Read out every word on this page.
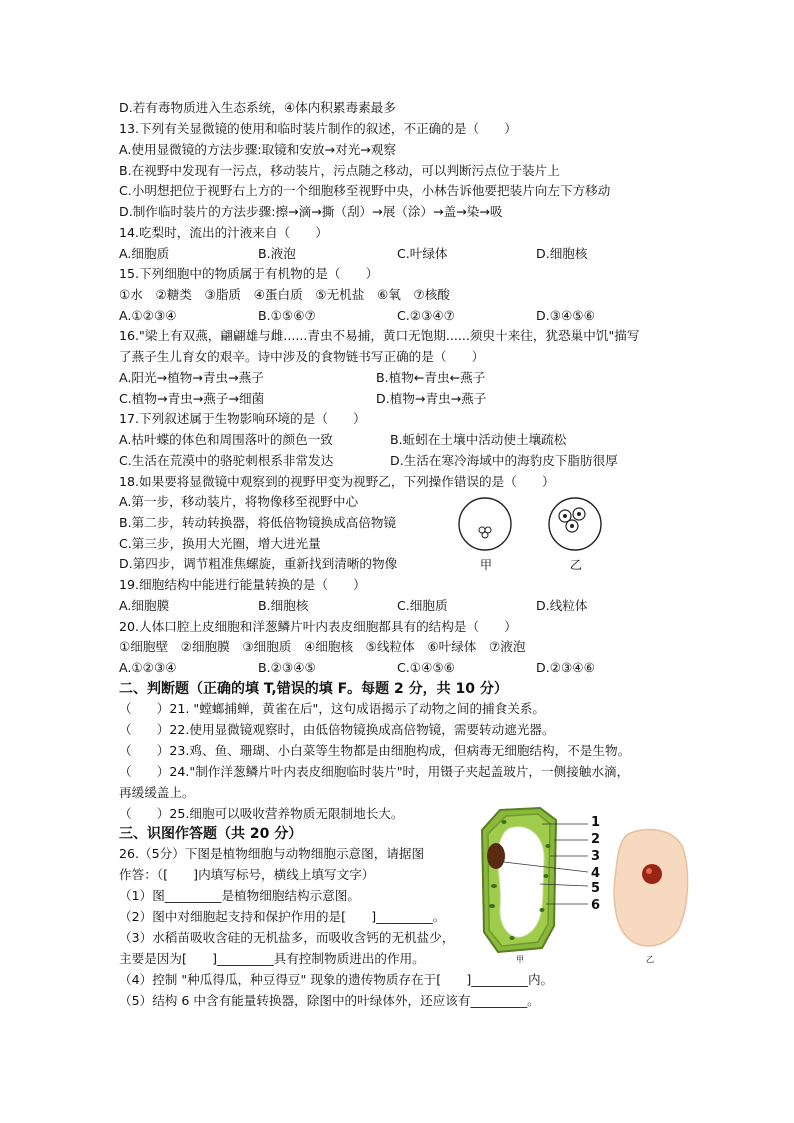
D.若有毒物质进入生态系统，④体内积累毒素最多
13.下列有关显微镜的使用和临时装片制作的叙述，不正确的是（　　）
A.使用显微镜的方法步骤:取镜和安放→对光→观察
B.在视野中发现有一污点，移动装片，污点随之移动，可以判断污点位于装片上
C.小明想把位于视野右上方的一个细胞移至视野中央，小林告诉他要把装片向左下方移动
D.制作临时装片的方法步骤:擦→滴→撕（刮）→展（涂）→盖→染→吸
14.吃梨时，流出的汁液来自（　　）
15.下列细胞中的物质属于有机物的是（　　）
①水　②糖类　③脂质　④蛋白质　⑤无机盐　⑥氧　⑦核酸
16."梁上有双燕，翩翩雄与雌......青虫不易捕，黄口无饱期......须臾十来往，犹恐巢中饥"描写
了燕子生儿育女的艰辛。诗中涉及的食物链书写正确的是（　　）
17.下列叙述属于生物影响环境的是（　　）
18.如果要将显微镜中观察到的视野甲变为视野乙，下列操作错误的是（　　）
A.第一步，移动装片，将物像移至视野中心
B.第二步，转动转换器，将低倍物镜换成高倍物镜
C.第三步，换用大光圈，增大进光量
D.第四步，调节粗准焦螺旋，重新找到清晰的物像
19.细胞结构中能进行能量转换的是（　　）
20.人体口腔上皮细胞和洋葱鳞片叶内表皮细胞都具有的结构是（　　）
①细胞壁　②细胞膜　③细胞质　④细胞核　⑤线粒体　⑥叶绿体　⑦液泡
（　　）21. "螳螂捕蝉，黄雀在后"，这句成语揭示了动物之间的捕食关系。
（　　）22.使用显微镜观察时，由低倍物镜换成高倍物镜，需要转动遮光器。
（　　）23.鸡、鱼、珊瑚、小白菜等生物都是由细胞构成，但病毒无细胞结构，不是生物。
（　　）24."制作洋葱鳞片叶内表皮细胞临时装片"时，用镊子夹起盖玻片，一侧接触水滴，
再缓缓盖上。
（　　）25.细胞可以吸收营养物质无限制地长大。
26.（5分）下图是植物细胞与动物细胞示意图，请据图
作答：（[　　]内填写标号，横线上填写文字）
（1）图_________是植物细胞结构示意图。
（2）图中对细胞起支持和保护作用的是[　　]_________。
（3）水稻苗吸收含硅的无机盐多，而吸收含钙的无机盐少，
主要是因为[　　]_________具有控制物质进出的作用。
（4）控制 "种瓜得瓜，种豆得豆" 现象的遗传物质存在于[　　]_________内。
（5）结构 6 中含有能量转换器，除图中的叶绿体外，还应该有_________。
二、判断题（正确的填 T,错误的填 F。每题 2 分，共 10 分）
三、识图作答题（共 20 分）
A.细胞质	B.液泡	C.叶绿体	D.细胞核
A.①②③④	B.①⑤⑥⑦	C.②③④⑦	D.③④⑤⑥
A.阳光→植物→青虫→燕子	B.植物←青虫←燕子
C.植物→青虫→燕子→细菌	D.植物→青虫→燕子
A.枯叶蝶的体色和周围落叶的颜色一致	B.蚯蚓在土壤中活动使土壤疏松
C.生活在荒漠中的骆驼刺根系非常发达	D.生活在寒冷海域中的海豹皮下脂肪很厚
A.细胞膜	B.细胞核	C.细胞质	D.线粒体
A.①②③④	B.②③④⑤	C.①④⑤⑥	D.②③④⑥
甲	乙
1
2
3
4
5
6
甲	乙
